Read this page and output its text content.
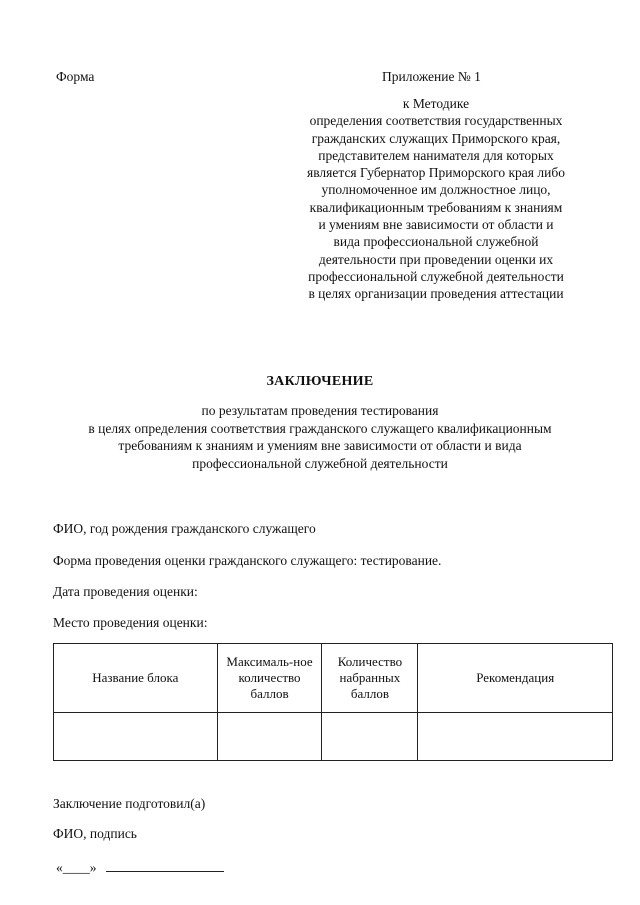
Форма	Приложение № 1
к Методике
определения соответствия государственных
гражданских служащих Приморского края,
представителем нанимателя для которых
является Губернатор Приморского края либо
уполномоченное им должностное лицо,
квалификационным требованиям к знаниям
и умениям вне зависимости от области и
вида профессиональной служебной
деятельности при проведении оценки их
профессиональной служебной деятельности
в целях организации проведения аттестации
ЗАКЛЮЧЕНИЕ
по результатам проведения тестирования
в целях определения соответствия гражданского служащего квалификационным
требованиям к знаниям и умениям вне зависимости от области и вида
профессиональной служебной деятельности
ФИО, год рождения гражданского служащего
Форма проведения оценки гражданского служащего: тестирование.
Дата проведения оценки:
Место проведения оценки:
Название блока	Максималь-ное количество баллов	Количество набранных баллов	Рекомендация

Заключение подготовил(а)
ФИО, подпись
«____»
